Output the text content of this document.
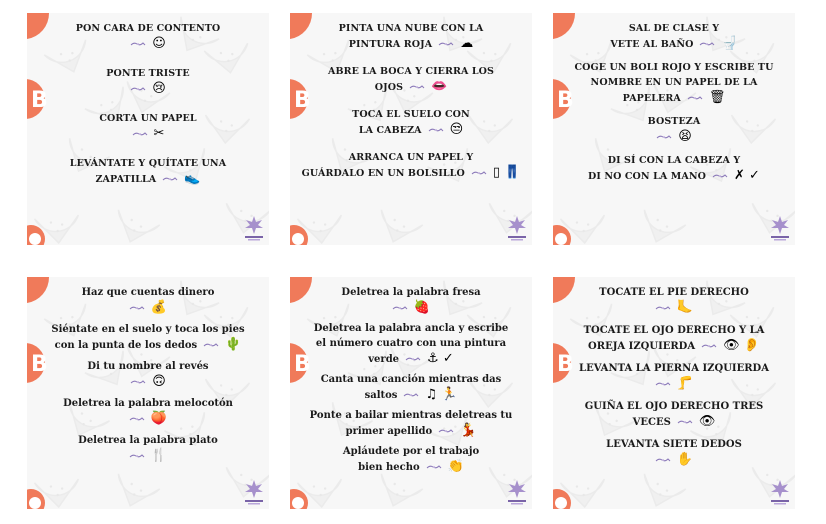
B
PON CARA DE CONTENTO
☺
PONTE TRISTE
😢
CORTA UN PAPEL
✂
LEVÁNTATE Y QUÍTATE UNA
ZAPATILLA 👟
B
PINTA UNA NUBE CON LA
PINTURA ROJA ☁
ABRE LA BOCA Y CIERRA LOS
OJOS 👄
TOCA EL SUELO CON
LA CABEZA 😒
ARRANCA UN PAPEL Y
GUÁRDALO EN UN BOLSILLO ▯ 👖
B
SAL DE CLASE Y
VETE AL BAÑO 🚽
COGE UN BOLI ROJO Y ESCRIBE TU
NOMBRE EN UN PAPEL DE LA
PAPELERA 🗑
BOSTEZA
😫
DI SÍ CON LA CABEZA Y
DI NO CON LA MANO ✗ ✓
B
Haz que cuentas dinero
💰
Siéntate en el suelo y toca los pies
con la punta de los dedos 🌵
Di tu nombre al revés
🙃
Deletrea la palabra melocotón
🍑
Deletrea la palabra plato
🍴
B
Deletrea la palabra fresa
🍓
Deletrea la palabra ancla y escribe
el número cuatro con una pintura
verde ⚓ ✓
Canta una canción mientras das
saltos ♫ 🏃
Ponte a bailar mientras deletreas tu
primer apellido 💃
Apláudete por el trabajo
bien hecho 👏
B
TOCATE EL PIE DERECHO
🦶
TOCATE EL OJO DERECHO Y LA
OREJA IZQUIERDA 👁 👂
LEVANTA LA PIERNA IZQUIERDA
🦵
GUIÑA EL OJO DERECHO TRES
VECES 👁
LEVANTA SIETE DEDOS
✋
